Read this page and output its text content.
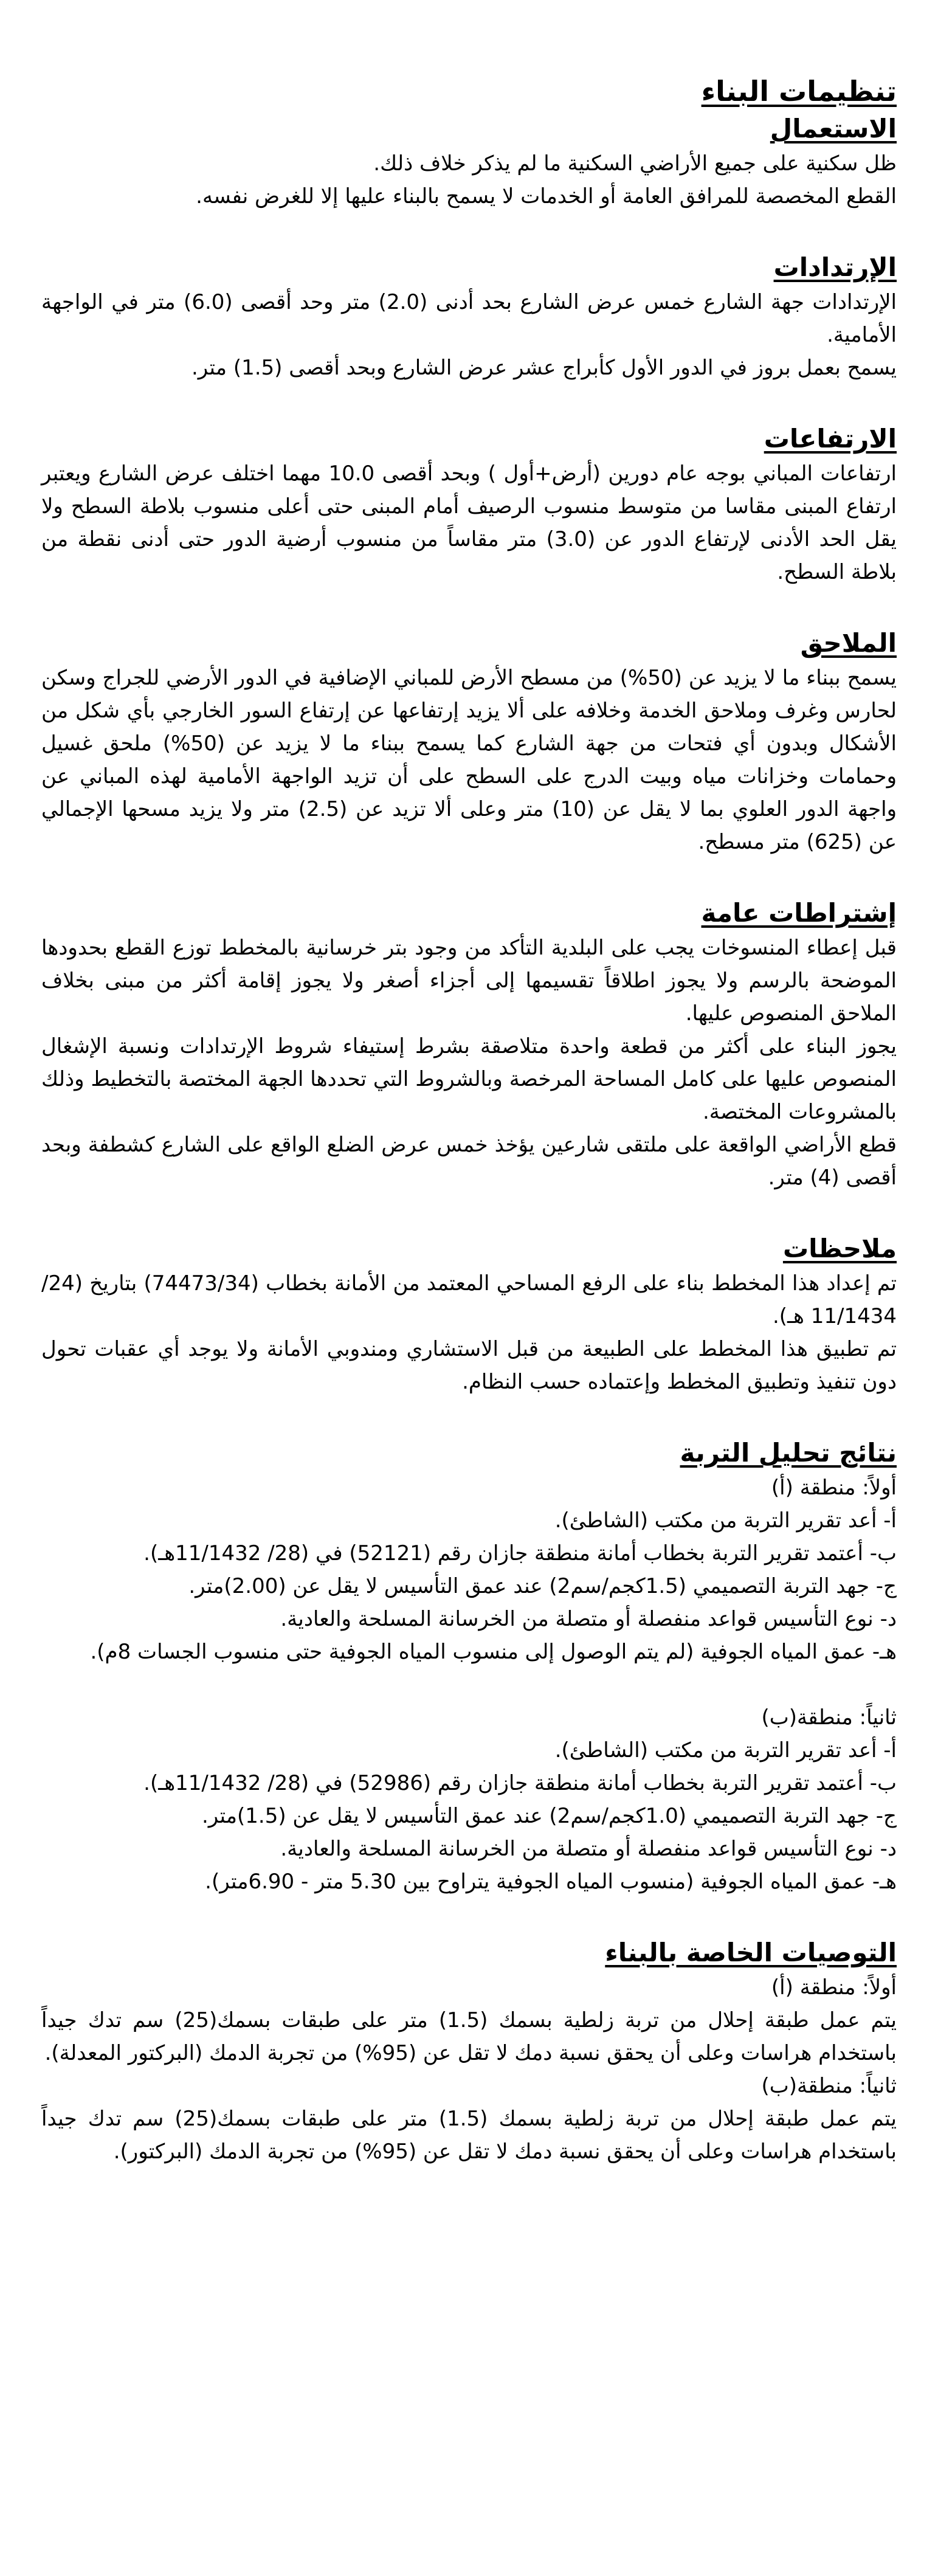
تنظيمات البناء
الاستعمال

ظل سكنية على جميع الأراضي السكنية ما لم يذكر خلاف ذلك.

القطع المخصصة للمرافق العامة أو الخدمات لا يسمح بالبناء عليها إلا للغرض نفسه.

الإرتدادات

الإرتدادات جهة الشارع خمس عرض الشارع بحد أدنى (2.0) متر وحد أقصى (6.0) متر في الواجهة الأمامية.

يسمح بعمل بروز في الدور الأول كأبراج عشر عرض الشارع وبحد أقصى (1.5) متر.

الارتفاعات

ارتفاعات المباني بوجه عام دورين (أرض+أول ) وبحد أقصى 10.0 مهما اختلف عرض الشارع ويعتبر ارتفاع المبنى مقاسا من متوسط منسوب الرصيف أمام المبنى حتى أعلى منسوب بلاطة السطح ولا يقل الحد الأدنى لإرتفاع الدور عن (3.0) متر مقاساً من منسوب أرضية الدور حتى أدنى نقطة من بلاطة السطح.

الملاحق

يسمح ببناء ما لا يزيد عن (50%) من مسطح الأرض للمباني الإضافية في الدور الأرضي للجراج وسكن لحارس وغرف وملاحق الخدمة وخلافه على ألا يزيد إرتفاعها عن إرتفاع السور الخارجي بأي شكل من الأشكال وبدون أي فتحات من جهة الشارع كما يسمح ببناء ما لا يزيد عن (50%) ملحق غسيل وحمامات وخزانات مياه وبيت الدرج على السطح على أن تزيد الواجهة الأمامية لهذه المباني عن واجهة الدور العلوي بما لا يقل عن (10) متر وعلى ألا تزيد عن (2.5) متر ولا يزيد مسحها الإجمالي عن (625) متر مسطح.

إشتراطات عامة

قبل إعطاء المنسوخات يجب على البلدية التأكد من وجود بتر خرسانية بالمخطط توزع القطع بحدودها الموضحة بالرسم ولا يجوز اطلاقاً تقسيمها إلى أجزاء أصغر ولا يجوز إقامة أكثر من مبنى بخلاف الملاحق المنصوص عليها.

يجوز البناء على أكثر من قطعة واحدة متلاصقة بشرط إستيفاء شروط الإرتدادات ونسبة الإشغال المنصوص عليها على كامل المساحة المرخصة وبالشروط التي تحددها الجهة المختصة بالتخطيط وذلك بالمشروعات المختصة.

قطع الأراضي الواقعة على ملتقى شارعين يؤخذ خمس عرض الضلع الواقع على الشارع كشطفة وبحد أقصى (4) متر.

ملاحظات

تم إعداد هذا المخطط بناء على الرفع المساحي المعتمد من الأمانة بخطاب (74473/34) بتاريخ (24/ 11/1434 هـ).

تم تطبيق هذا المخطط على الطبيعة من قبل الاستشاري ومندوبي الأمانة ولا يوجد أي عقبات تحول دون تنفيذ وتطبيق المخطط وإعتماده حسب النظام.

نتائج تحليل التربة

أولاً: منطقة (أ)

أ- أعد تقرير التربة من مكتب (الشاطئ).

ب- أعتمد تقرير التربة بخطاب أمانة منطقة جازان رقم (52121) في (28/ 11/1432هـ).

ج- جهد التربة التصميمي (1.5كجم/سم2) عند عمق التأسيس لا يقل عن (2.00)متر.

د- نوع التأسيس قواعد منفصلة أو متصلة من الخرسانة المسلحة والعادية.

هـ- عمق المياه الجوفية (لم يتم الوصول إلى منسوب المياه الجوفية حتى منسوب الجسات 8م).

ثانياً: منطقة(ب)

أ- أعد تقرير التربة من مكتب (الشاطئ).

ب- أعتمد تقرير التربة بخطاب أمانة منطقة جازان رقم (52986) في (28/ 11/1432هـ).

ج- جهد التربة التصميمي (1.0كجم/سم2) عند عمق التأسيس لا يقل عن (1.5)متر.

د- نوع التأسيس قواعد منفصلة أو متصلة من الخرسانة المسلحة والعادية.

هـ- عمق المياه الجوفية (منسوب المياه الجوفية يتراوح بين 5.30 متر - 6.90متر).

التوصيات الخاصة بالبناء

أولاً: منطقة (أ)

يتم عمل طبقة إحلال من تربة زلطية بسمك (1.5) متر على طبقات بسمك(25) سم تدك جيداً باستخدام هراسات وعلى أن يحقق نسبة دمك لا تقل عن (95%) من تجربة الدمك (البركتور المعدلة).

ثانياً: منطقة(ب)

يتم عمل طبقة إحلال من تربة زلطية بسمك (1.5) متر على طبقات بسمك(25) سم تدك جيداً باستخدام هراسات وعلى أن يحقق نسبة دمك لا تقل عن (95%) من تجربة الدمك (البركتور).
